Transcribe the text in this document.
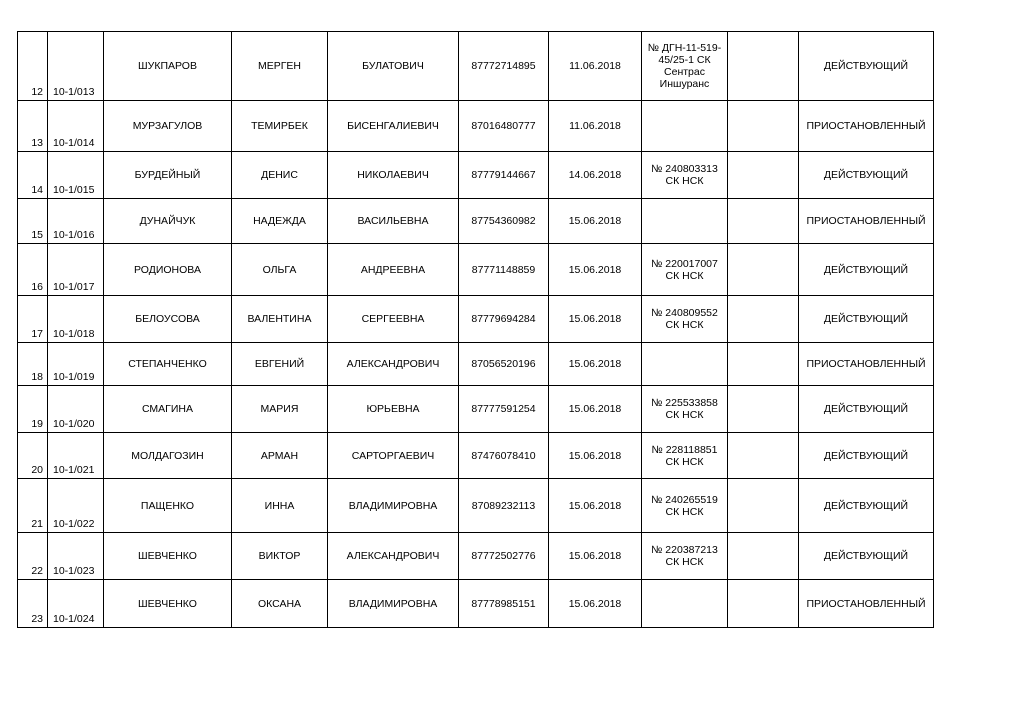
12	10-1/013	ШУКПАРОВ	МЕРГЕН	БУЛАТОВИЧ	87772714895	11.06.2018	№ ДГН-11-519-
45/25-1 СК
Сентрас
Иншуранс		ДЕЙСТВУЮЩИЙ
13	10-1/014	МУРЗАГУЛОВ	ТЕМИРБЕК	БИСЕНГАЛИЕВИЧ	87016480777	11.06.2018			ПРИОСТАНОВЛЕННЫЙ
14	10-1/015	БУРДЕЙНЫЙ	ДЕНИС	НИКОЛАЕВИЧ	87779144667	14.06.2018	№ 240803313
СК НСК		ДЕЙСТВУЮЩИЙ
15	10-1/016	ДУНАЙЧУК	НАДЕЖДА	ВАСИЛЬЕВНА	87754360982	15.06.2018			ПРИОСТАНОВЛЕННЫЙ
16	10-1/017	РОДИОНОВА	ОЛЬГА	АНДРЕЕВНА	87771148859	15.06.2018	№ 220017007
СК НСК		ДЕЙСТВУЮЩИЙ
17	10-1/018	БЕЛОУСОВА	ВАЛЕНТИНА	СЕРГЕЕВНА	87779694284	15.06.2018	№ 240809552
СК НСК		ДЕЙСТВУЮЩИЙ
18	10-1/019	СТЕПАНЧЕНКО	ЕВГЕНИЙ	АЛЕКСАНДРОВИЧ	87056520196	15.06.2018			ПРИОСТАНОВЛЕННЫЙ
19	10-1/020	СМАГИНА	МАРИЯ	ЮРЬЕВНА	87777591254	15.06.2018	№ 225533858
СК НСК		ДЕЙСТВУЮЩИЙ
20	10-1/021	МОЛДАГОЗИН	АРМАН	САРТОРГАЕВИЧ	87476078410	15.06.2018	№ 228118851
СК НСК		ДЕЙСТВУЮЩИЙ
21	10-1/022	ПАЩЕНКО	ИННА	ВЛАДИМИРОВНА	87089232113	15.06.2018	№ 240265519
СК НСК		ДЕЙСТВУЮЩИЙ
22	10-1/023	ШЕВЧЕНКО	ВИКТОР	АЛЕКСАНДРОВИЧ	87772502776	15.06.2018	№ 220387213
СК НСК		ДЕЙСТВУЮЩИЙ
23	10-1/024	ШЕВЧЕНКО	ОКСАНА	ВЛАДИМИРОВНА	87778985151	15.06.2018			ПРИОСТАНОВЛЕННЫЙ
